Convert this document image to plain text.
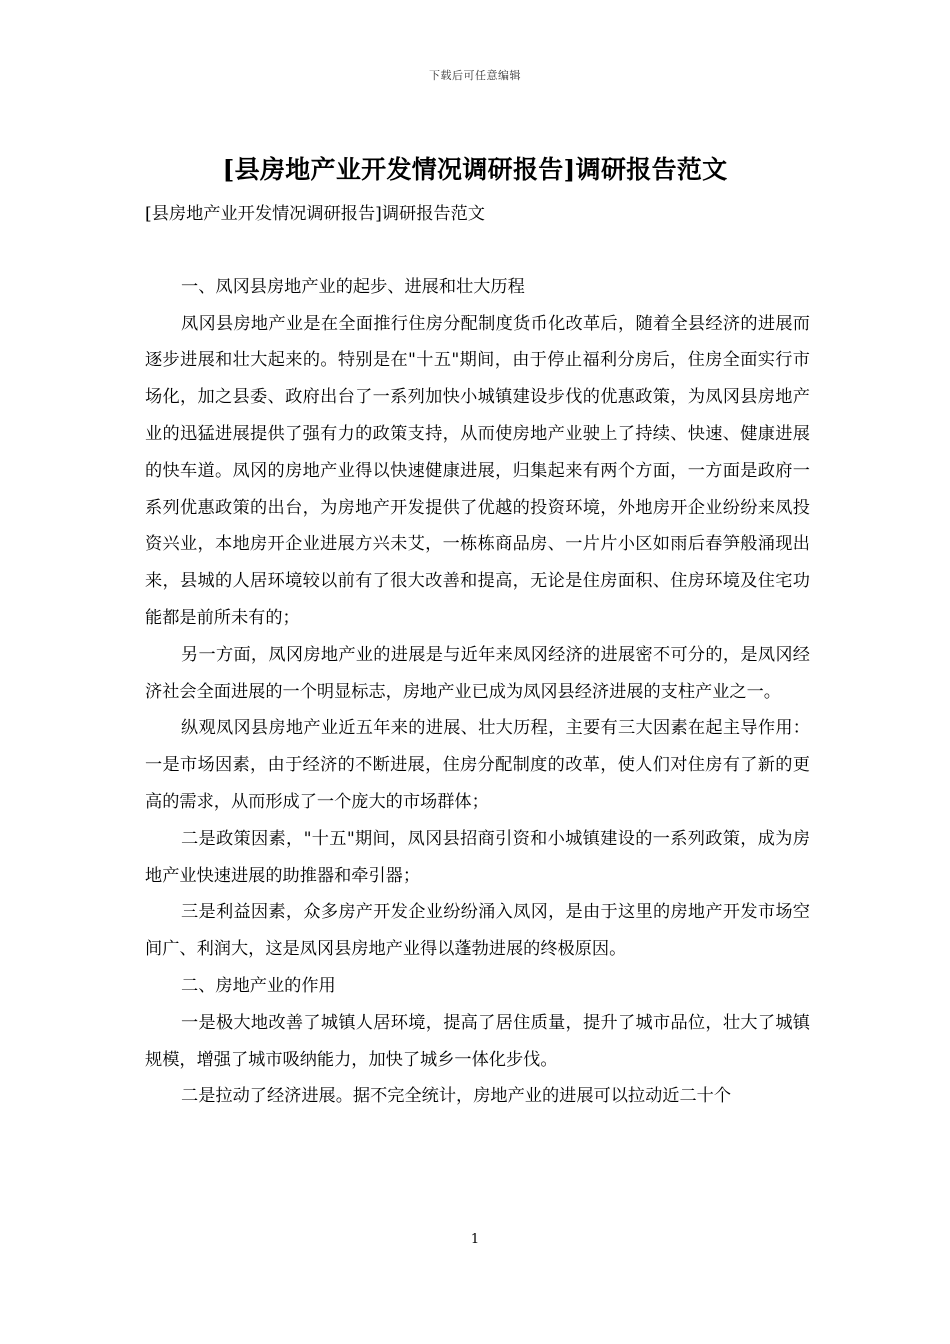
下载后可任意编辑
[县房地产业开发情况调研报告]调研报告范文

[县房地产业开发情况调研报告]调研报告范文

一、凤冈县房地产业的起步、进展和壮大历程

凤冈县房地产业是在全面推行住房分配制度货币化改革后，随着全县经济的进展而逐步进展和壮大起来的。特别是在"十五"期间，由于停止福利分房后，住房全面实行市场化，加之县委、政府出台了一系列加快小城镇建设步伐的优惠政策，为凤冈县房地产业的迅猛进展提供了强有力的政策支持，从而使房地产业驶上了持续、快速、健康进展的快车道。凤冈的房地产业得以快速健康进展，归集起来有两个方面，一方面是政府一系列优惠政策的出台，为房地产开发提供了优越的投资环境，外地房开企业纷纷来凤投资兴业，本地房开企业进展方兴未艾，一栋栋商品房、一片片小区如雨后春笋般涌现出来，县城的人居环境较以前有了很大改善和提高，无论是住房面积、住房环境及住宅功能都是前所未有的；

另一方面，凤冈房地产业的进展是与近年来凤冈经济的进展密不可分的，是凤冈经济社会全面进展的一个明显标志，房地产业已成为凤冈县经济进展的支柱产业之一。

纵观凤冈县房地产业近五年来的进展、壮大历程，主要有三大因素在起主导作用：一是市场因素，由于经济的不断进展，住房分配制度的改革，使人们对住房有了新的更高的需求，从而形成了一个庞大的市场群体；

二是政策因素，"十五"期间，凤冈县招商引资和小城镇建设的一系列政策，成为房地产业快速进展的助推器和牵引器；

三是利益因素，众多房产开发企业纷纷涌入凤冈，是由于这里的房地产开发市场空间广、利润大，这是凤冈县房地产业得以蓬勃进展的终极原因。

二、房地产业的作用

一是极大地改善了城镇人居环境，提高了居住质量，提升了城市品位，壮大了城镇规模，增强了城市吸纳能力，加快了城乡一体化步伐。

二是拉动了经济进展。据不完全统计，房地产业的进展可以拉动近二十个

1
